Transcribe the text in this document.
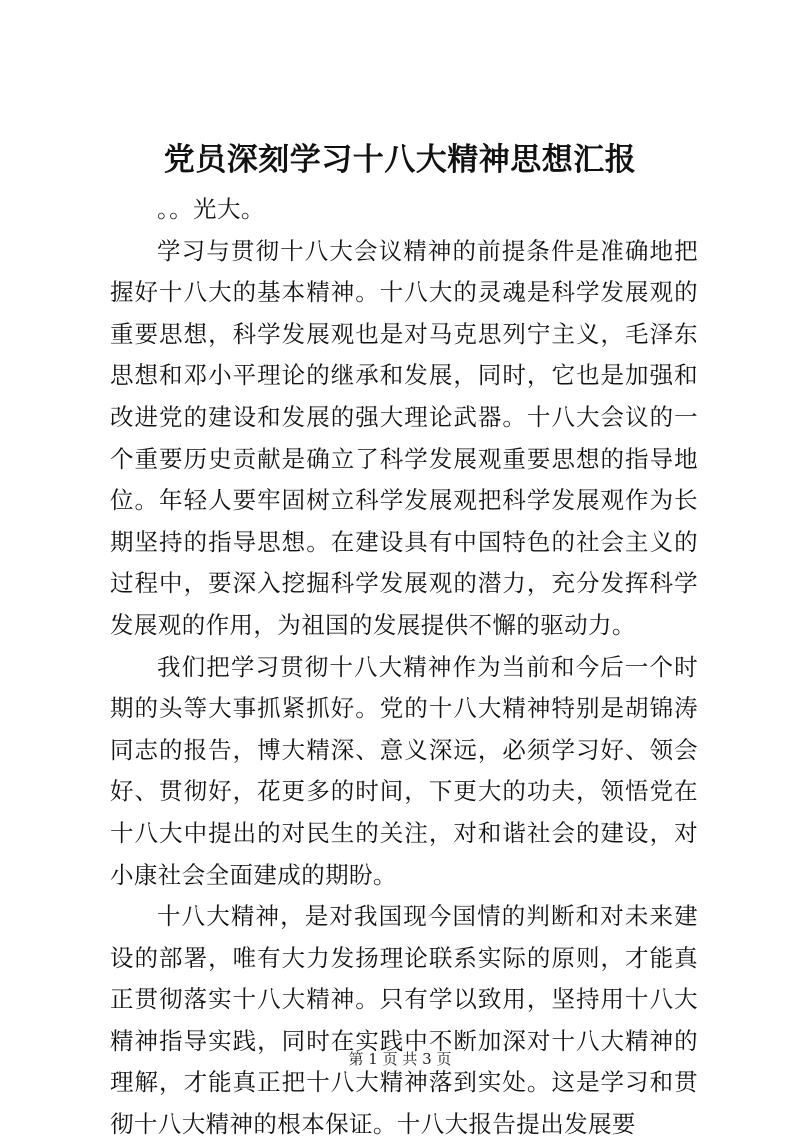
党员深刻学习十八大精神思想汇报

。。光大。

学习与贯彻十八大会议精神的前提条件是准确地把握好十八大的基本精神。十八大的灵魂是科学发展观的重要思想，科学发展观也是对马克思列宁主义，毛泽东思想和邓小平理论的继承和发展，同时，它也是加强和改进党的建设和发展的强大理论武器。十八大会议的一个重要历史贡献是确立了科学发展观重要思想的指导地位。年轻人要牢固树立科学发展观把科学发展观作为长期坚持的指导思想。在建设具有中国特色的社会主义的过程中，要深入挖掘科学发展观的潜力，充分发挥科学发展观的作用，为祖国的发展提供不懈的驱动力。

我们把学习贯彻十八大精神作为当前和今后一个时期的头等大事抓紧抓好。党的十八大精神特别是胡锦涛同志的报告，博大精深、意义深远，必须学习好、领会好、贯彻好，花更多的时间，下更大的功夫，领悟党在十八大中提出的对民生的关注，对和谐社会的建设，对小康社会全面建成的期盼。

十八大精神，是对我国现今国情的判断和对未来建设的部署，唯有大力发扬理论联系实际的原则，才能真正贯彻落实十八大精神。只有学以致用，坚持用十八大精神指导实践，同时在实践中不断加深对十八大精神的理解，才能真正把十八大精神落到实处。这是学习和贯彻十八大精神的根本保证。十八大报告提出发展要

第 1 页 共 3 页
